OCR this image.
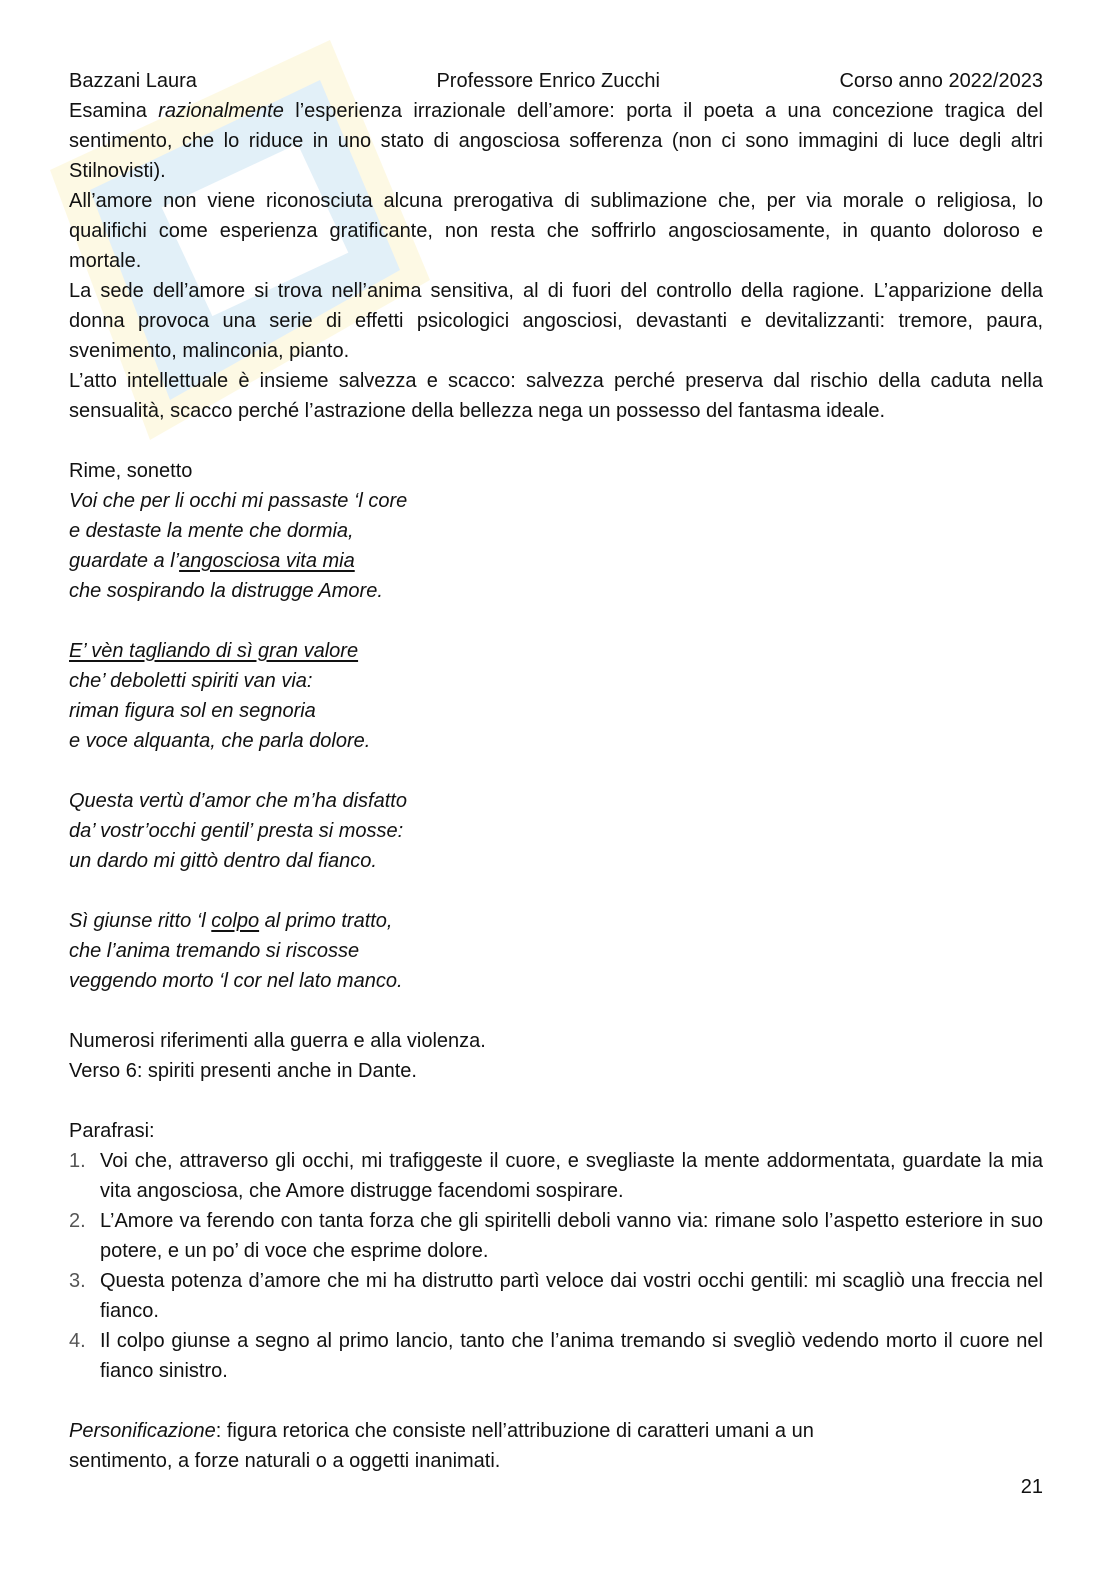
Bazzani Laura	Professore Enrico Zucchi	Corso anno 2022/2023

Esamina razionalmente l’esperienza irrazionale dell’amore: porta il poeta a una concezione tragica del sentimento, che lo riduce in uno stato di angosciosa sofferenza (non ci sono immagini di luce degli altri Stilnovisti).

All’amore non viene riconosciuta alcuna prerogativa di sublimazione che, per via morale o religiosa, lo qualifichi come esperienza gratificante, non resta che soffrirlo angosciosamente, in quanto doloroso e mortale.

La sede dell’amore si trova nell’anima sensitiva, al di fuori del controllo della ragione. L’apparizione della donna provoca una serie di effetti psicologici angosciosi, devastanti e devitalizzanti: tremore, paura, svenimento, malinconia, pianto.

L’atto intellettuale è insieme salvezza e scacco: salvezza perché preserva dal rischio della caduta nella sensualità, scacco perché l’astrazione della bellezza nega un possesso del fantasma ideale.

Rime, sonetto

Voi che per li occhi mi passaste ‘l core

e destaste la mente che dormia,

guardate a l’angosciosa vita mia

che sospirando la distrugge Amore.

E’ vèn tagliando di sì gran valore

che’ deboletti spiriti van via:

riman figura sol en segnoria

e voce alquanta, che parla dolore.

Questa vertù d’amor che m’ha disfatto

da’ vostr’occhi gentil’ presta si mosse:

un dardo mi gittò dentro dal fianco.

Sì giunse ritto ‘l colpo al primo tratto,

che l’anima tremando si riscosse

veggendo morto ‘l cor nel lato manco.

Numerosi riferimenti alla guerra e alla violenza.

Verso 6: spiriti presenti anche in Dante.

Parafrasi:

1. Voi che, attraverso gli occhi, mi trafiggeste il cuore, e svegliaste la mente addormentata, guardate la mia vita angosciosa, che Amore distrugge facendomi sospirare.
2. L’Amore va ferendo con tanta forza che gli spiritelli deboli vanno via: rimane solo l’aspetto esteriore in suo potere, e un po’ di voce che esprime dolore.
3. Questa potenza d’amore che mi ha distrutto partì veloce dai vostri occhi gentili: mi scagliò una freccia nel fianco.
4. Il colpo giunse a segno al primo lancio, tanto che l’anima tremando si svegliò vedendo morto il cuore nel fianco sinistro.

Personificazione: figura retorica che consiste nell’attribuzione di caratteri umani a un

sentimento, a forze naturali o a oggetti inanimati.

21
